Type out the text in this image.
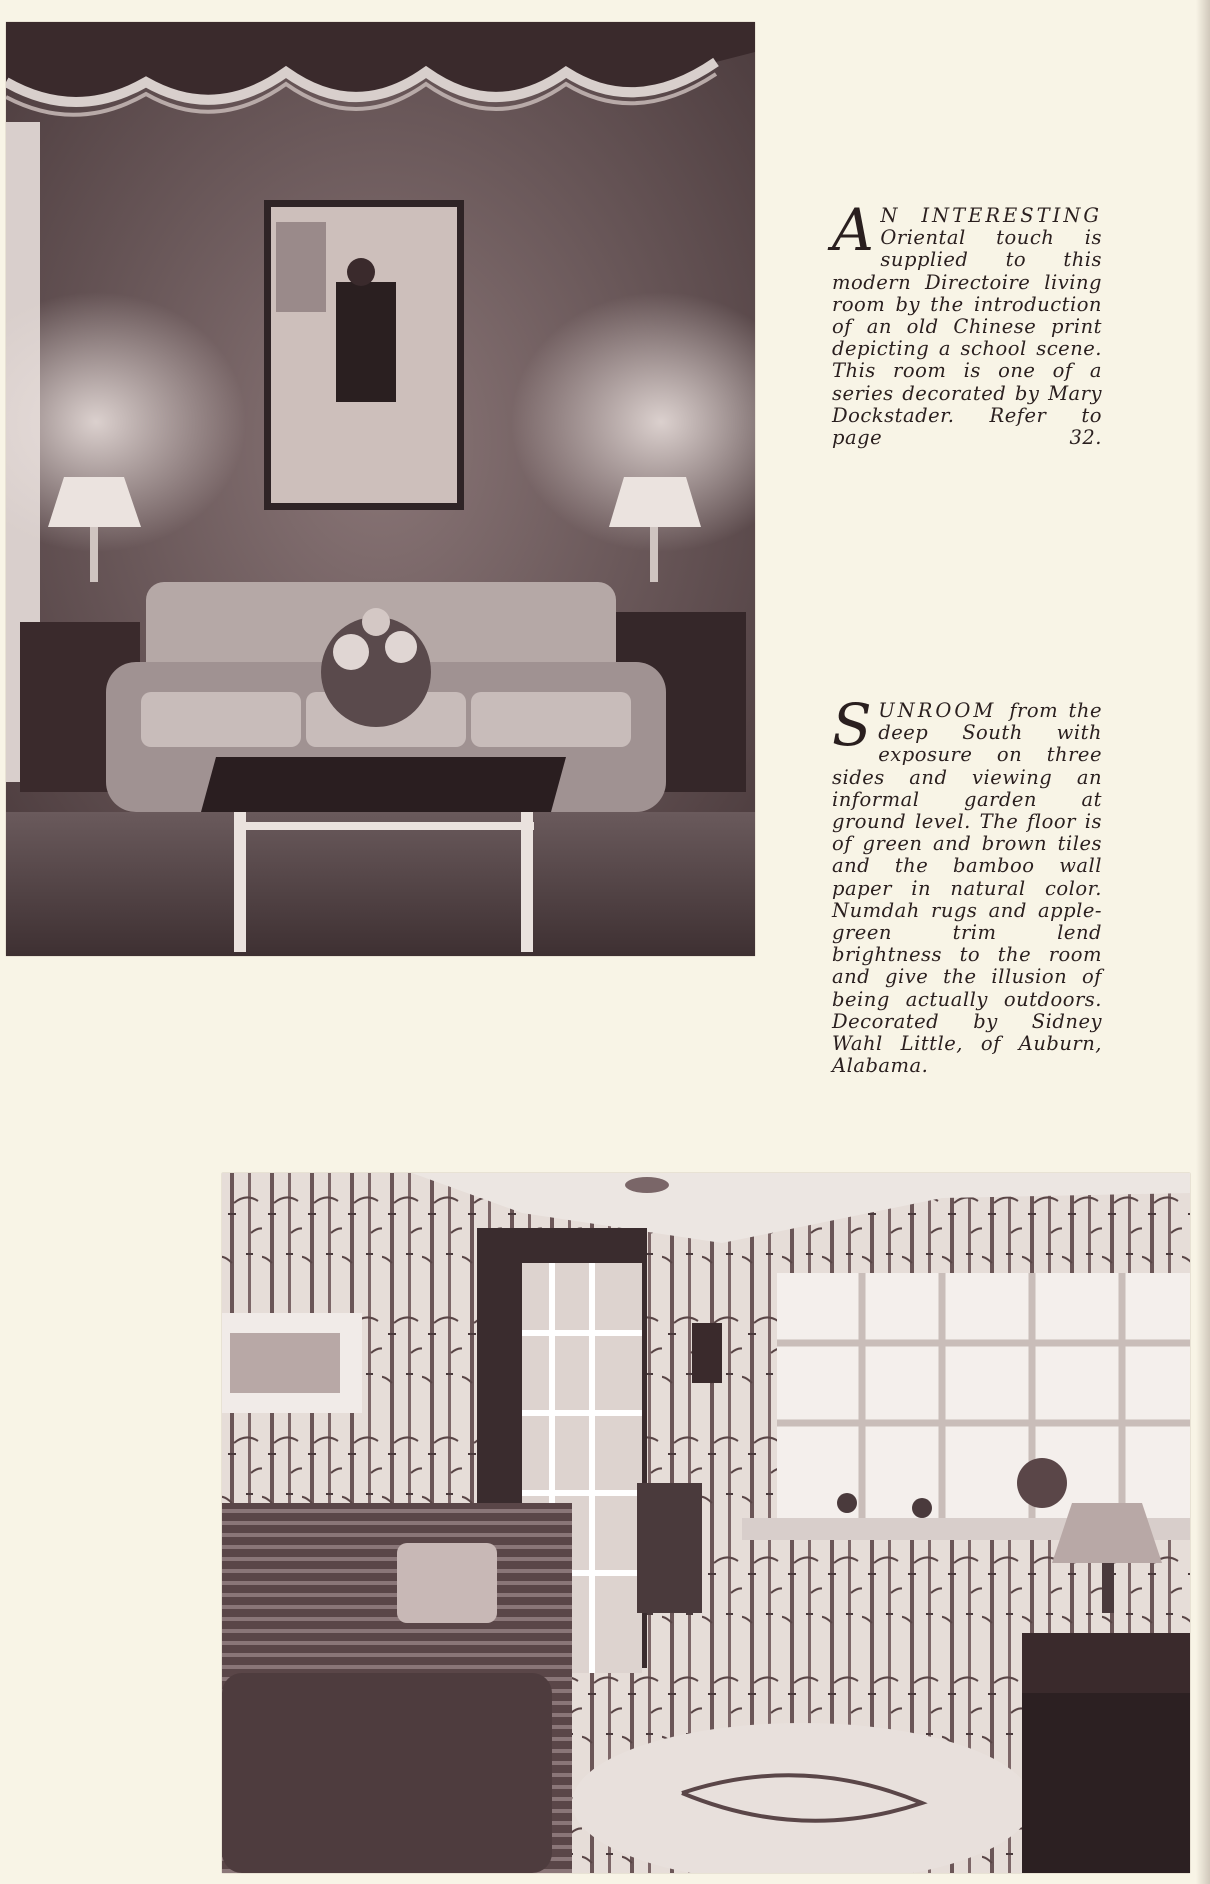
A N INTERESTING Oriental touch is supplied to this modern Directoire living room by the introduction of an old Chinese print depicting a school scene. This room is one of a series decorated by Mary Dockstader. Refer to page 32.
S UNROOM from the deep South with exposure on three sides and viewing an informal garden at ground level. The floor is of green and brown tiles and the bamboo wall paper in natural color. Numdah rugs and apple-green trim lend brightness to the room and give the illusion of being actually outdoors. Decorated by Sidney Wahl Little, of Auburn, Alabama.
